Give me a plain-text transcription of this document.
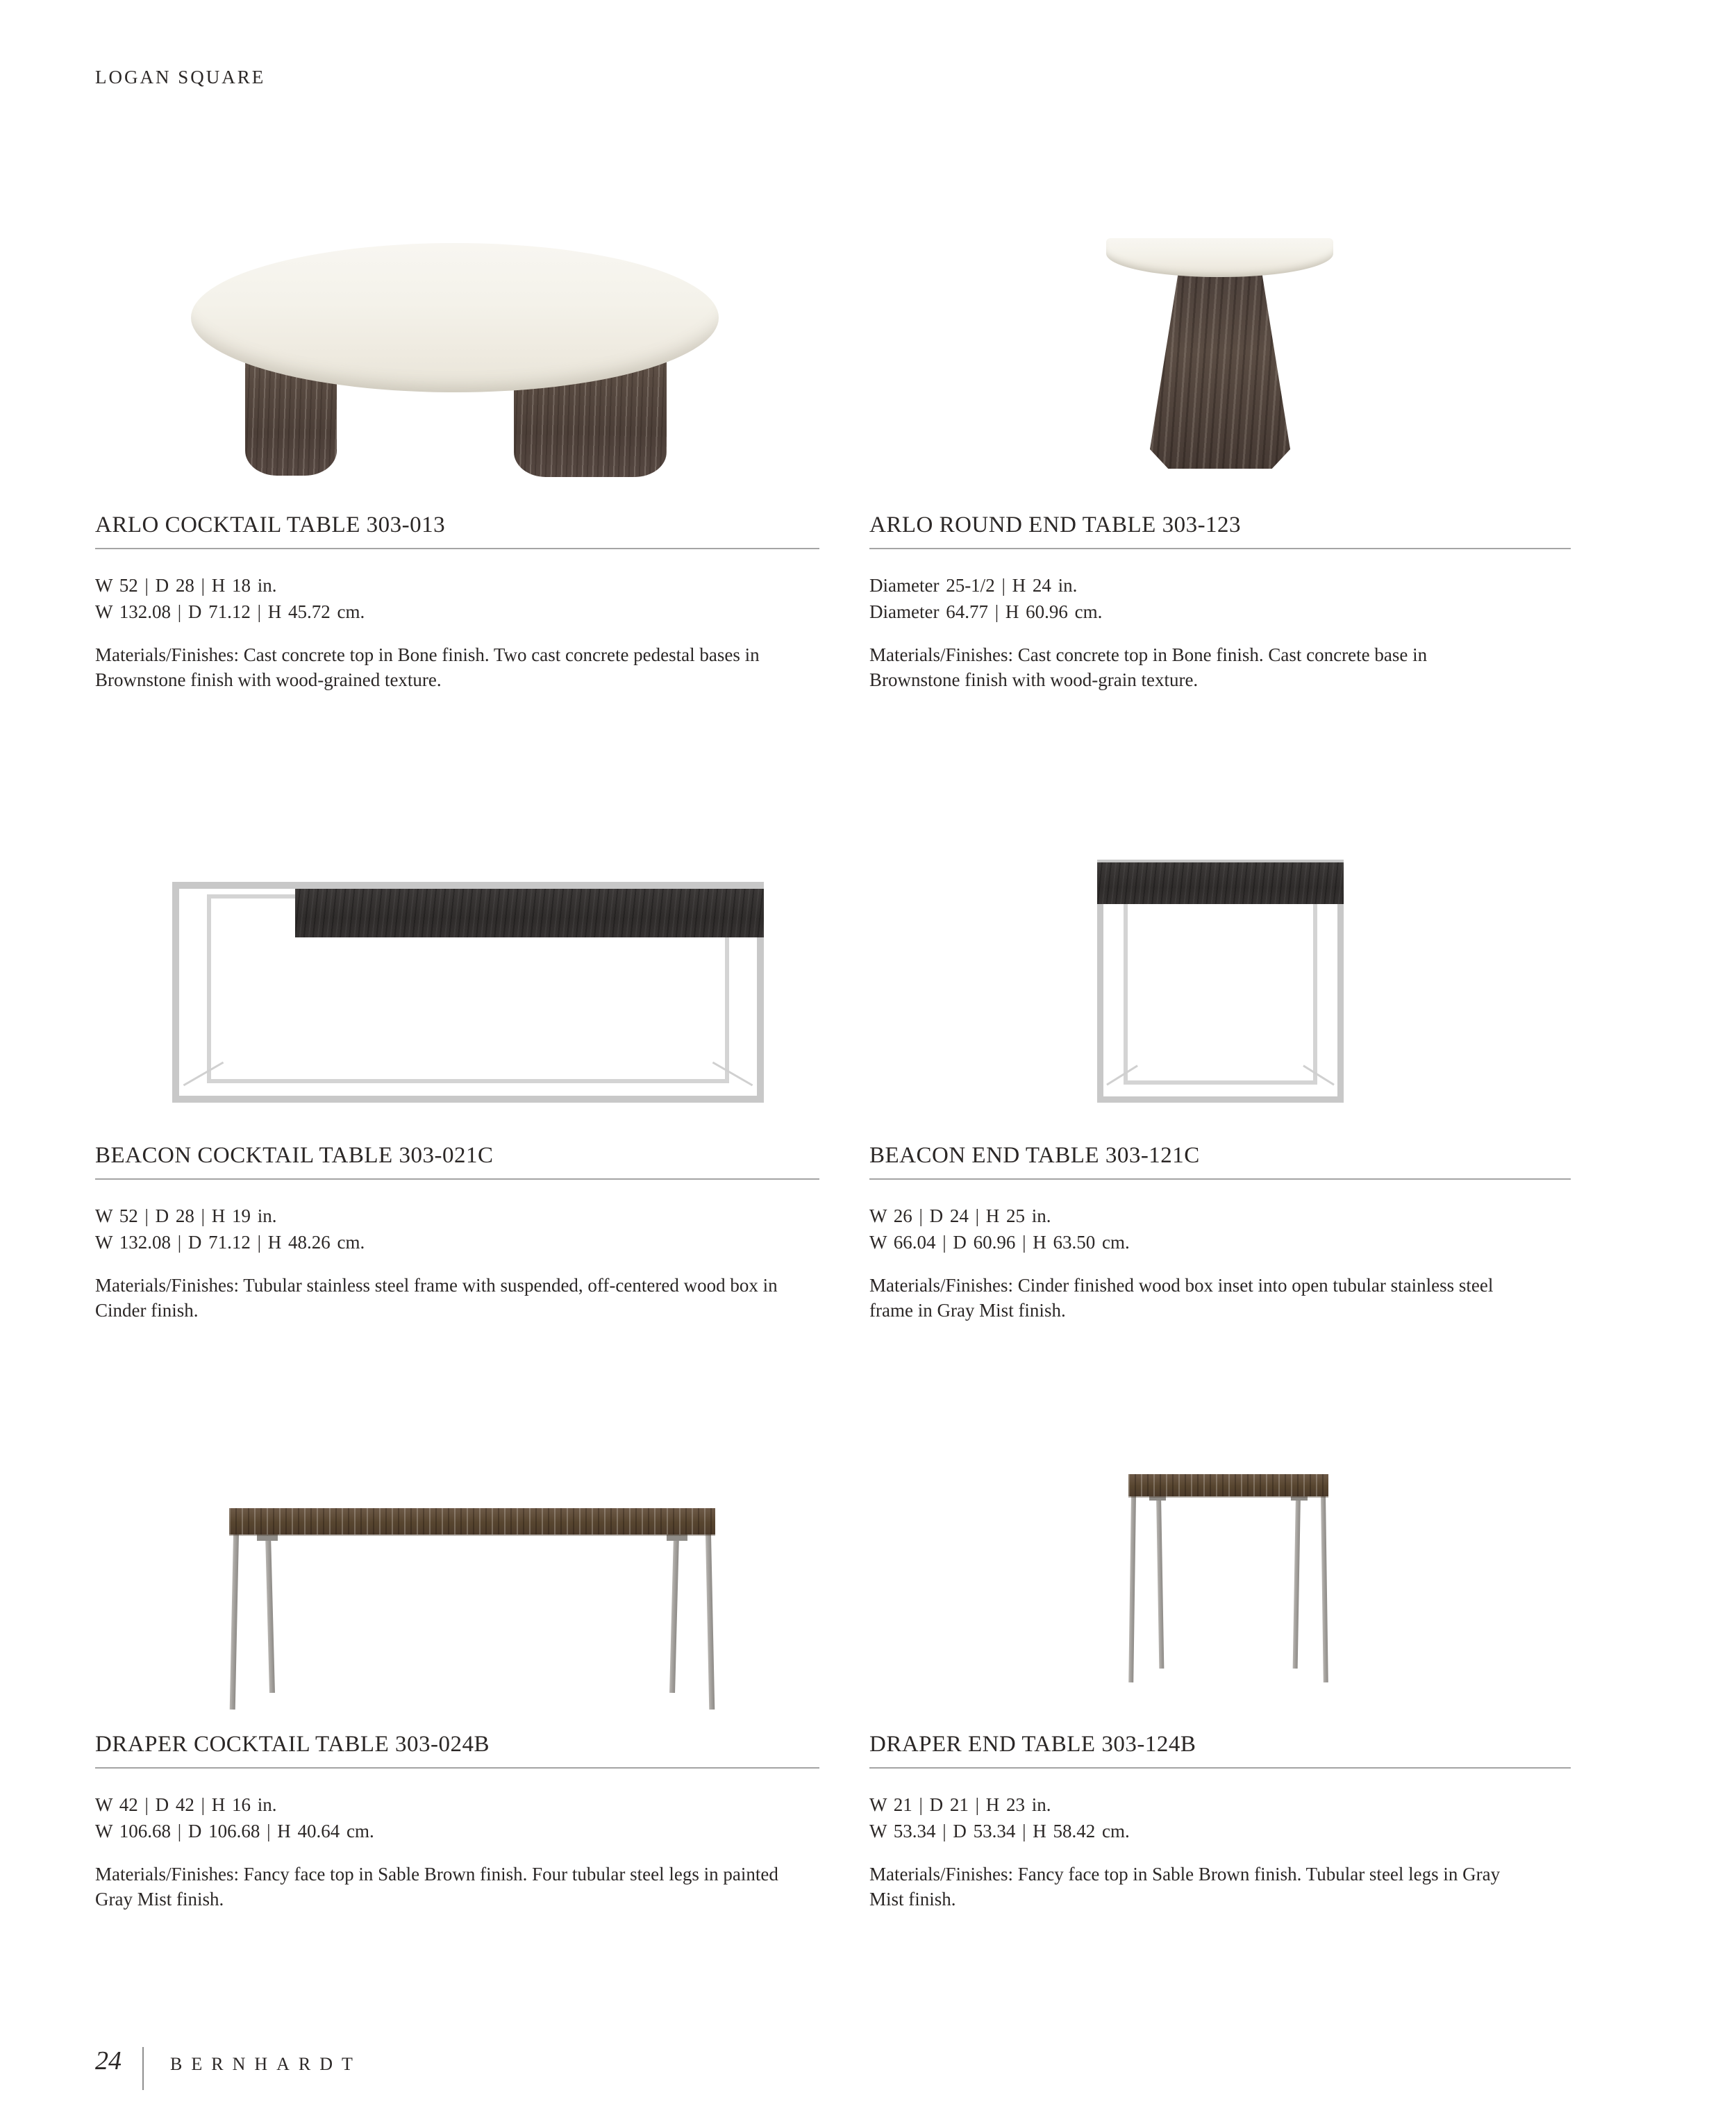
LOGAN SQUARE
ARLO COCKTAIL TABLE 303-013

W 52 | D 28 | H 18 in.

W 132.08 | D 71.12 | H 45.72 cm.

Materials/Finishes: Cast concrete top in Bone finish. Two cast concrete pedestal bases in Brownstone finish with wood-grained texture.

ARLO ROUND END TABLE 303-123

Diameter 25-1/2 | H 24 in.

Diameter 64.77 | H 60.96 cm.

Materials/Finishes: Cast concrete top in Bone finish. Cast concrete base in Brownstone finish with wood-grain texture.

BEACON COCKTAIL TABLE 303-021C

W 52 | D 28 | H 19 in.

W 132.08 | D 71.12 | H 48.26 cm.

Materials/Finishes: Tubular stainless steel frame with suspended, off-centered wood box in Cinder finish.

BEACON END TABLE 303-121C

W 26 | D 24 | H 25 in.

W 66.04 | D 60.96 | H 63.50 cm.

Materials/Finishes: Cinder finished wood box inset into open tubular stainless steel frame in Gray Mist finish.

DRAPER COCKTAIL TABLE 303-024B

W 42 | D 42 | H 16 in.

W 106.68 | D 106.68 | H 40.64 cm.

Materials/Finishes: Fancy face top in Sable Brown finish. Four tubular steel legs in painted Gray Mist finish.

DRAPER END TABLE 303-124B

W 21 | D 21 | H 23 in.

W 53.34 | D 53.34 | H 58.42 cm.

Materials/Finishes: Fancy face top in Sable Brown finish. Tubular steel legs in Gray Mist finish.

24	BERNHARDT
